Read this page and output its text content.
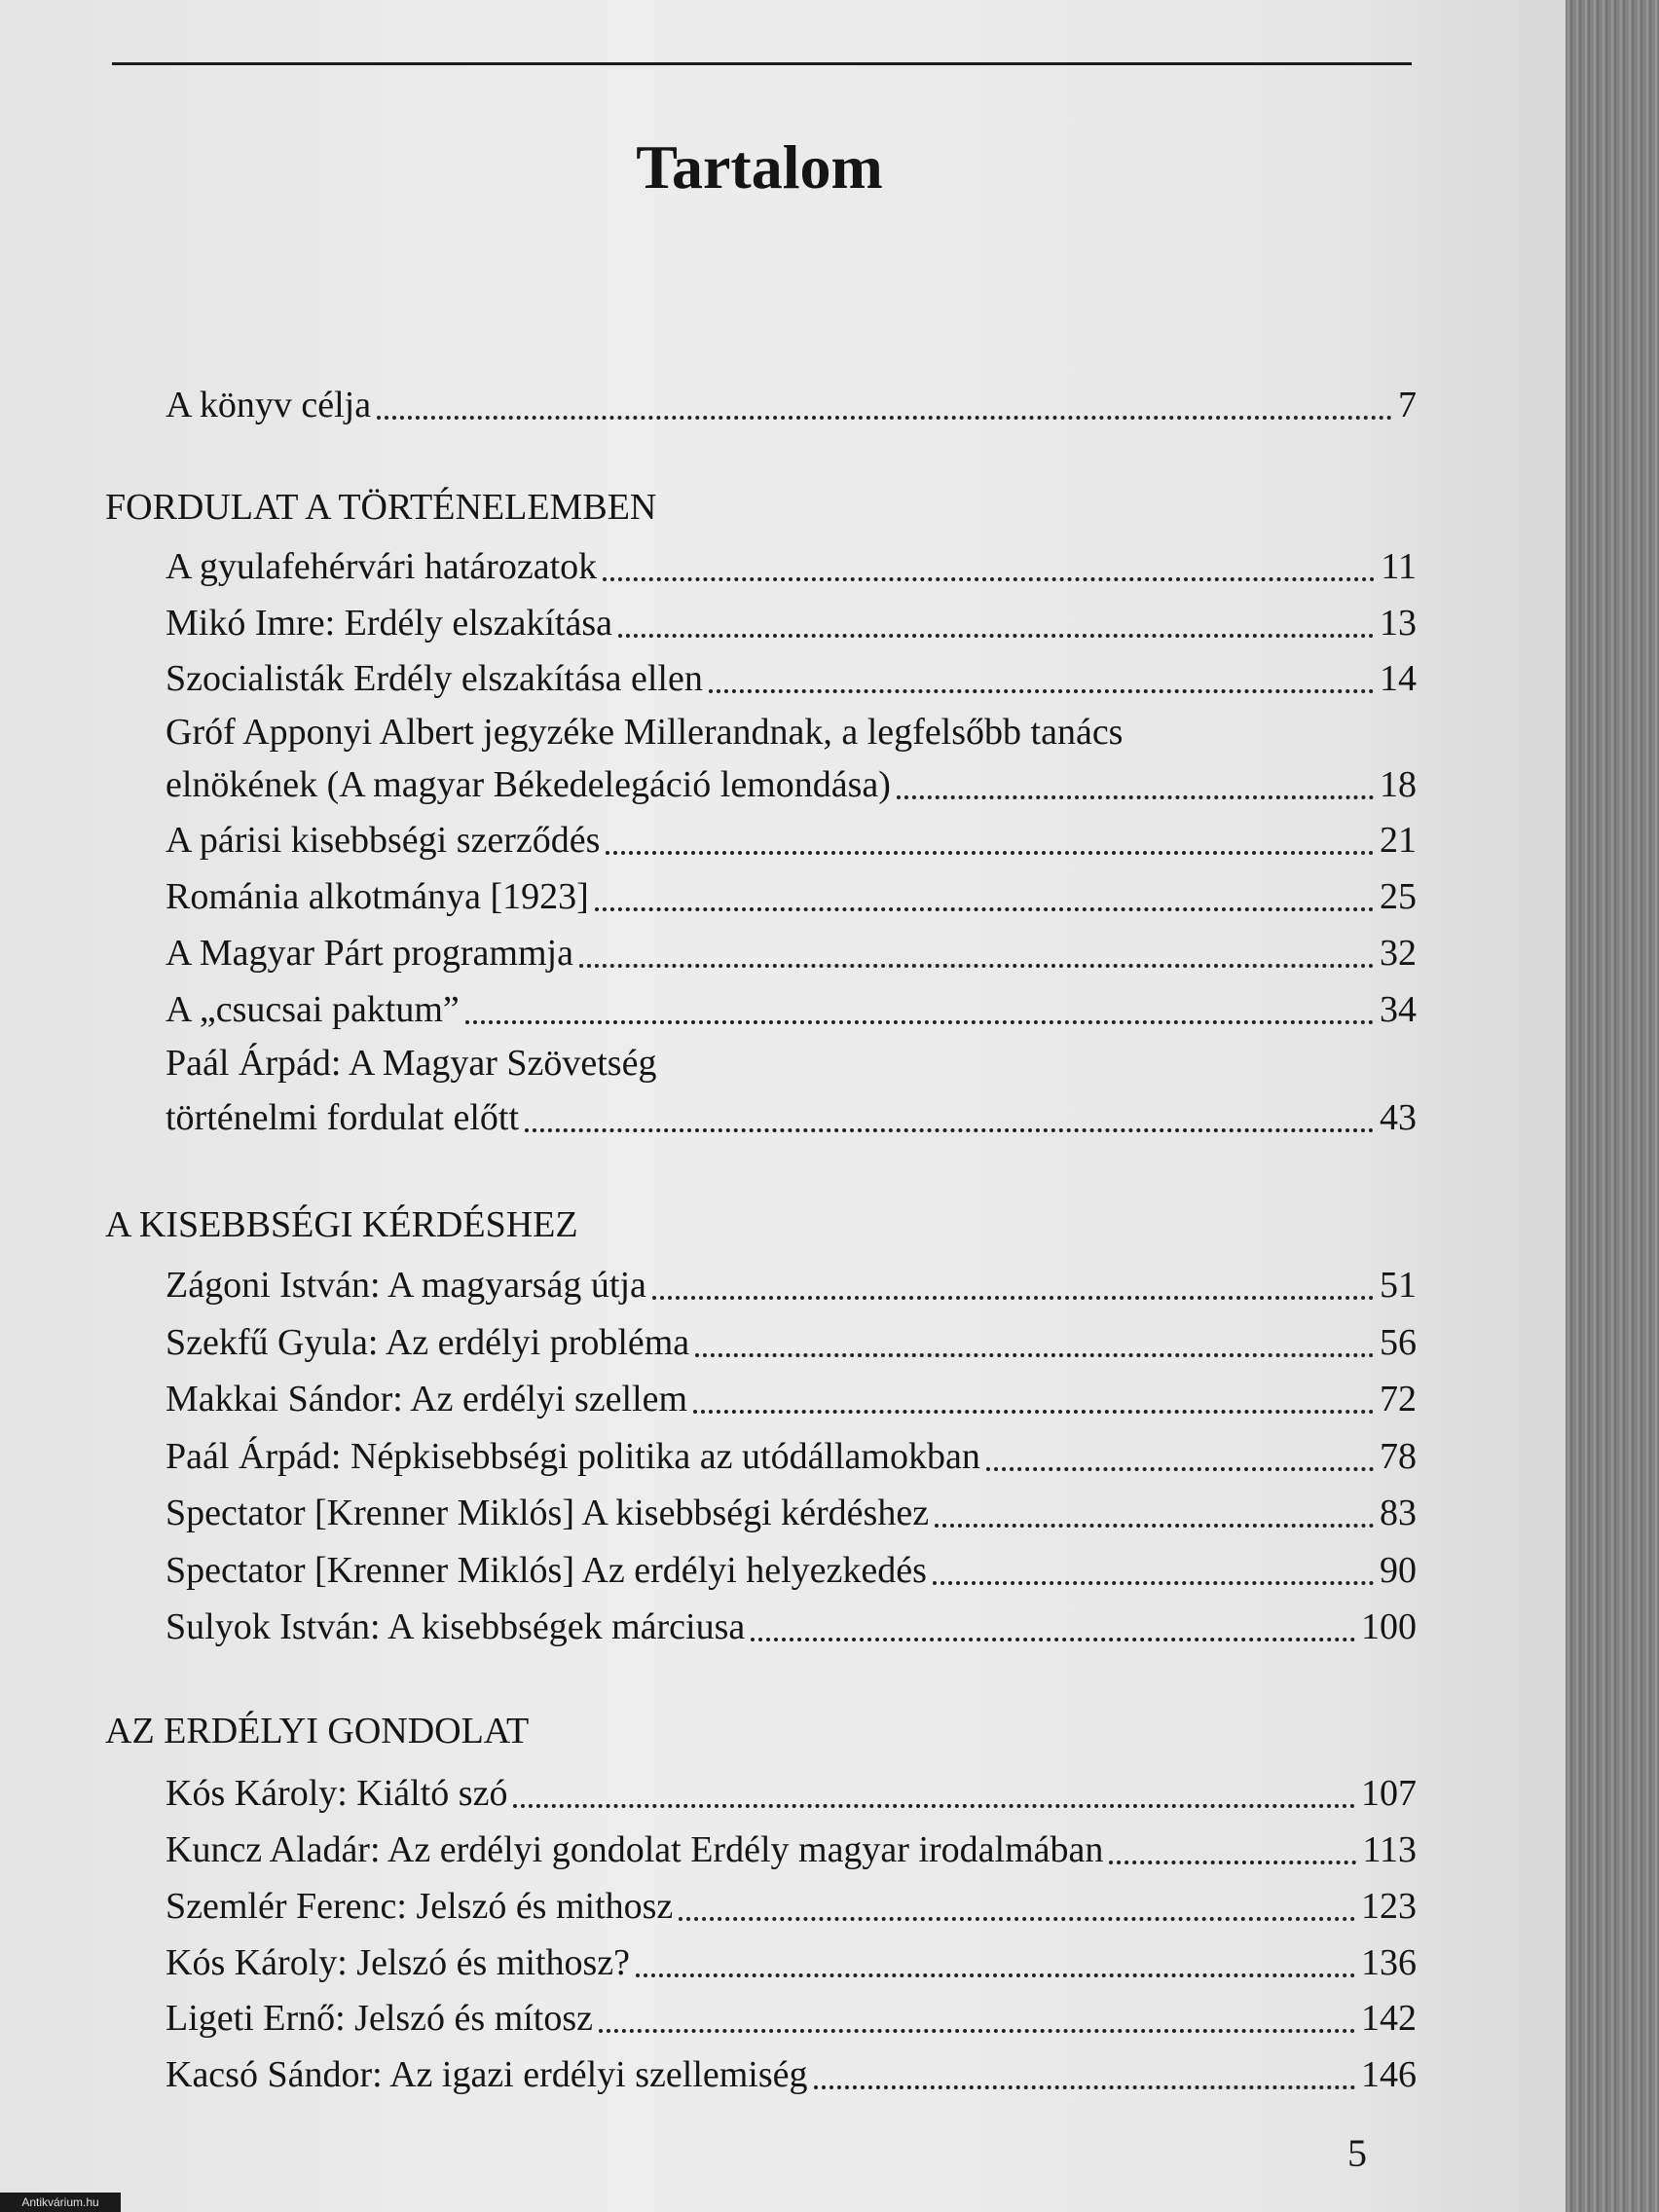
Tartalom
A könyv célja	7
FORDULAT A TÖRTÉNELEMBEN
A gyulafehérvári határozatok	11
Mikó Imre: Erdély elszakítása	13
Szocialisták Erdély elszakítása ellen	14
Gróf Apponyi Albert jegyzéke Millerandnak, a legfelsőbb tanács
elnökének (A magyar Békedelegáció lemondása)	18
A párisi kisebbségi szerződés	21
Románia alkotmánya [1923]	25
A Magyar Párt programmja	32
A „csucsai paktum”	34
Paál Árpád: A Magyar Szövetség
történelmi fordulat előtt	43
A KISEBBSÉGI KÉRDÉSHEZ
Zágoni István: A magyarság útja	51
Szekfű Gyula: Az erdélyi probléma	56
Makkai Sándor: Az erdélyi szellem	72
Paál Árpád: Népkisebbségi politika az utódállamokban	78
Spectator [Krenner Miklós] A kisebbségi kérdéshez	83
Spectator [Krenner Miklós] Az erdélyi helyezkedés	90
Sulyok István: A kisebbségek márciusa	100
AZ ERDÉLYI GONDOLAT
Kós Károly: Kiáltó szó	107
Kuncz Aladár: Az erdélyi gondolat Erdély magyar irodalmában	113
Szemlér Ferenc: Jelszó és mithosz	123
Kós Károly: Jelszó és mithosz?	136
Ligeti Ernő: Jelszó és mítosz	142
Kacsó Sándor: Az igazi erdélyi szellemiség	146
5
Antikvárium.hu
